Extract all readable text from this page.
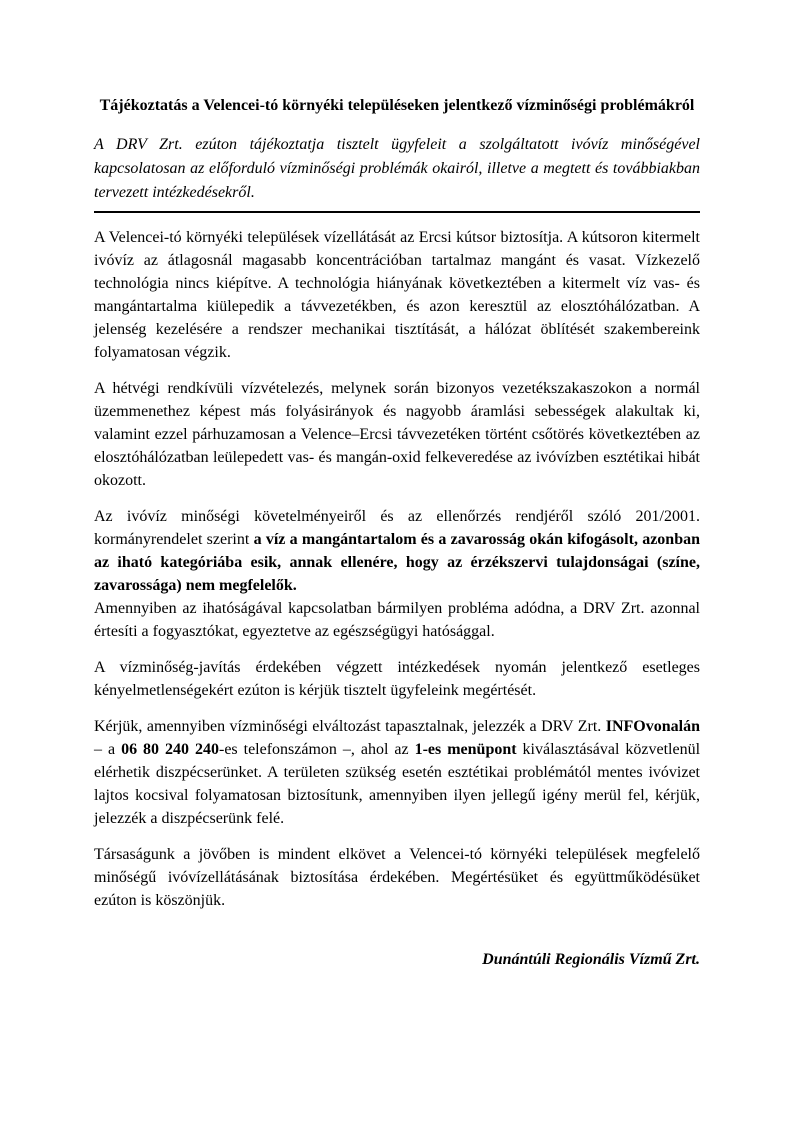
Tájékoztatás a Velencei-tó környéki településeken jelentkező vízminőségi problémákról

A DRV Zrt. ezúton tájékoztatja tisztelt ügyfeleit a szolgáltatott ivóvíz minőségével kapcsolatosan az előforduló vízminőségi problémák okairól, illetve a megtett és továbbiakban tervezett intézkedésekről.

A Velencei-tó környéki települések vízellátását az Ercsi kútsor biztosítja. A kútsoron kitermelt ivóvíz az átlagosnál magasabb koncentrációban tartalmaz mangánt és vasat. Vízkezelő technológia nincs kiépítve. A technológia hiányának következtében a kitermelt víz vas- és mangántartalma kiülepedik a távvezetékben, és azon keresztül az elosztóhálózatban. A jelenség kezelésére a rendszer mechanikai tisztítását, a hálózat öblítését szakembereink folyamatosan végzik.

A hétvégi rendkívüli vízvételezés, melynek során bizonyos vezetékszakaszokon a normál üzemmenethez képest más folyásirányok és nagyobb áramlási sebességek alakultak ki, valamint ezzel párhuzamosan a Velence–Ercsi távvezetéken történt csőtörés következtében az elosztóhálózatban leülepedett vas- és mangán-oxid felkeveredése az ivóvízben esztétikai hibát okozott.

Az ivóvíz minőségi követelményeiről és az ellenőrzés rendjéről szóló 201/2001. kormányrendelet szerint a víz a mangántartalom és a zavarosság okán kifogásolt, azonban az iható kategóriába esik, annak ellenére, hogy az érzékszervi tulajdonságai (színe, zavarossága) nem megfelelők.

Amennyiben az ihatóságával kapcsolatban bármilyen probléma adódna, a DRV Zrt. azonnal értesíti a fogyasztókat, egyeztetve az egészségügyi hatósággal.

A vízminőség-javítás érdekében végzett intézkedések nyomán jelentkező esetleges kényelmetlenségekért ezúton is kérjük tisztelt ügyfeleink megértését.

Kérjük, amennyiben vízminőségi elváltozást tapasztalnak, jelezzék a DRV Zrt. INFOvonalán – a 06 80 240 240-es telefonszámon –, ahol az 1-es menüpont kiválasztásával közvetlenül elérhetik diszpécserünket. A területen szükség esetén esztétikai problémától mentes ivóvizet lajtos kocsival folyamatosan biztosítunk, amennyiben ilyen jellegű igény merül fel, kérjük, jelezzék a diszpécserünk felé.

Társaságunk a jövőben is mindent elkövet a Velencei-tó környéki települések megfelelő minőségű ivóvízellátásának biztosítása érdekében. Megértésüket és együttműködésüket ezúton is köszönjük.

Dunántúli Regionális Vízmű Zrt.
